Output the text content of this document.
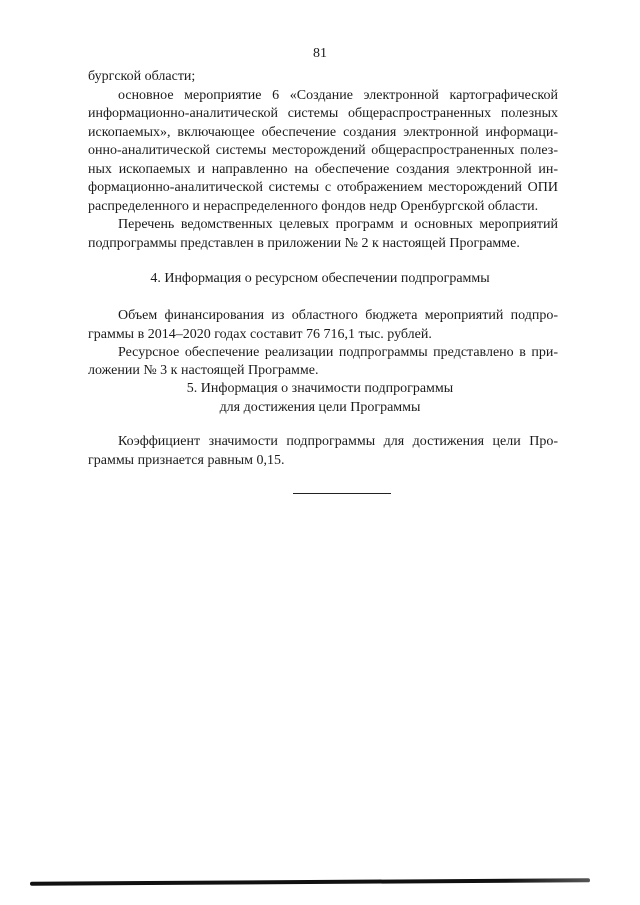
81
бургской области;
основное мероприятие 6 «Создание электронной картографической
информационно-аналитической системы общераспространенных полезных
ископаемых», включающее обеспечение создания электронной информаци-
онно-аналитической системы месторождений общераспространенных полез-
ных ископаемых и направленно на обеспечение создания электронной ин-
формационно-аналитической системы с отображением месторождений ОПИ
распределенного и нераспределенного фондов недр Оренбургской области.
Перечень ведомственных целевых программ и основных мероприятий
подпрограммы представлен в приложении № 2 к настоящей Программе.
4. Информация о ресурсном обеспечении подпрограммы
Объем финансирования из областного бюджета мероприятий подпро-
граммы в 2014–2020 годах составит 76 716,1 тыс. рублей.
Ресурсное обеспечение реализации подпрограммы представлено в при-
ложении № 3 к настоящей Программе.
5. Информация о значимости подпрограммы
для достижения цели Программы
Коэффициент значимости подпрограммы для достижения цели Про-
граммы признается равным 0,15.
